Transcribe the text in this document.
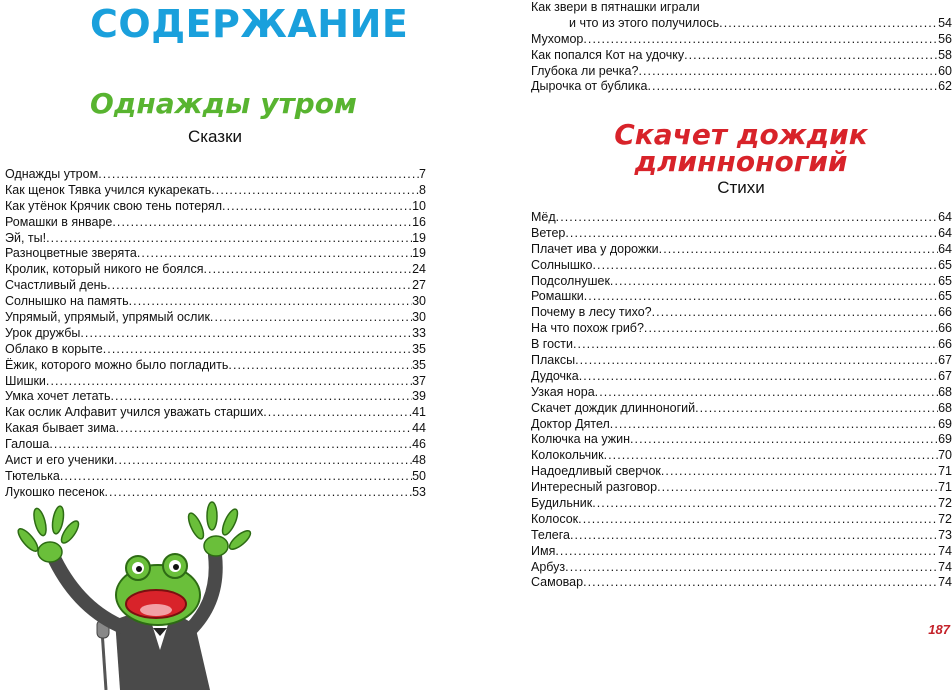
СОДЕРЖАНИЕ
Однажды утром
Сказки
Однажды утром . . .	7
Как щенок Тявка учился кукарекать . . .	8
Как утёнок Крячик свою тень потерял . . .	10
Ромашки в январе . . .	16
Эй, ты! . . .	19
Разноцветные зверята . . .	19
Кролик, который никого не боялся . . .	24
Счастливый день . . .	27
Солнышко на память . . .	30
Упрямый, упрямый, упрямый ослик . . .	30
Урок дружбы . . .	33
Облако в корыте . . .	35
Ёжик, которого можно было погладить . . .	35
Шишки . . .	37
Умка хочет летать . . .	39
Как ослик Алфавит учился уважать старших . . .	41
Какая бывает зима . . .	44
Галоша . . .	46
Аист и его ученики . . .	48
Тютелька . . .	50
Лукошко песенок . . .	53
Как звери в пятнашки играли
и что из этого получилось . . .	54
Мухомор . . .	56
Как попался Кот на удочку . . .	58
Глубока ли речка? . . .	60
Дырочка от бублика . . .	62
Скачет дождик
длинноногий
Стихи
Мёд . . .	64
Ветер . . .	64
Плачет ива у дорожки . . .	64
Солнышко . . .	65
Подсолнушек . . .	65
Ромашки . . .	65
Почему в лесу тихо? . . .	66
На что похож гриб? . . .	66
В гости . . .	66
Плаксы . . .	67
Дудочка . . .	67
Узкая нора . . .	68
Скачет дождик длинноногий . . .	68
Доктор Дятел . . .	69
Колючка на ужин . . .	69
Колокольчик . . .	70
Надоедливый сверчок . . .	71
Интересный разговор . . .	71
Будильник . . .	72
Колосок . . .	72
Телега . . .	73
Имя . . .	74
Арбуз . . .	74
Самовар . . .	74
187
